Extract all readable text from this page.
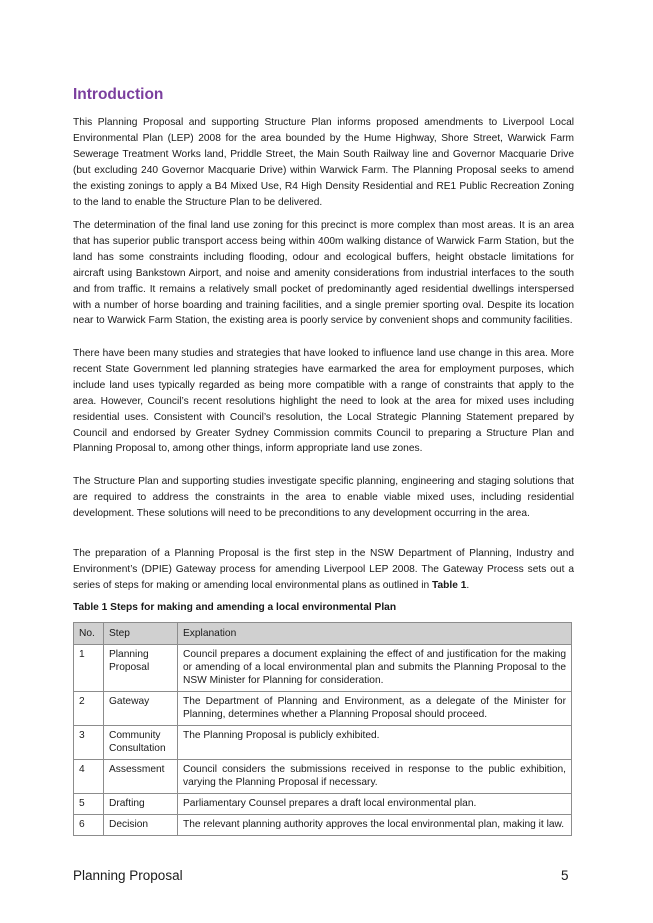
Introduction

This Planning Proposal and supporting Structure Plan informs proposed amendments to Liverpool Local Environmental Plan (LEP) 2008 for the area bounded by the Hume Highway, Shore Street, Warwick Farm Sewerage Treatment Works land, Priddle Street, the Main South Railway line and Governor Macquarie Drive (but excluding 240 Governor Macquarie Drive) within Warwick Farm. The Planning Proposal seeks to amend the existing zonings to apply a B4 Mixed Use, R4 High Density Residential and RE1 Public Recreation Zoning to the land to enable the Structure Plan to be delivered.

The determination of the final land use zoning for this precinct is more complex than most areas. It is an area that has superior public transport access being within 400m walking distance of Warwick Farm Station, but the land has some constraints including flooding, odour and ecological buffers, height obstacle limitations for aircraft using Bankstown Airport, and noise and amenity considerations from industrial interfaces to the south and from traffic. It remains a relatively small pocket of predominantly aged residential dwellings interspersed with a number of horse boarding and training facilities, and a single premier sporting oval. Despite its location near to Warwick Farm Station, the existing area is poorly service by convenient shops and community facilities.

There have been many studies and strategies that have looked to influence land use change in this area. More recent State Government led planning strategies have earmarked the area for employment purposes, which include land uses typically regarded as being more compatible with a range of constraints that apply to the area. However, Council’s recent resolutions highlight the need to look at the area for mixed uses including residential uses. Consistent with Council’s resolution, the Local Strategic Planning Statement prepared by Council and endorsed by Greater Sydney Commission commits Council to preparing a Structure Plan and Planning Proposal to, among other things, inform appropriate land use zones.

The Structure Plan and supporting studies investigate specific planning, engineering and staging solutions that are required to address the constraints in the area to enable viable mixed uses, including residential development. These solutions will need to be preconditions to any development occurring in the area.

The preparation of a Planning Proposal is the first step in the NSW Department of Planning, Industry and Environment’s (DPIE) Gateway process for amending Liverpool LEP 2008. The Gateway Process sets out a series of steps for making or amending local environmental plans as outlined in Table 1.

Table 1 Steps for making and amending a local environmental Plan
No.	Step	Explanation
1	Planning Proposal	Council prepares a document explaining the effect of and justification for the making or amending of a local environmental plan and submits the Planning Proposal to the NSW Minister for Planning for consideration.
2	Gateway	The Department of Planning and Environment, as a delegate of the Minister for Planning, determines whether a Planning Proposal should proceed.
3	Community Consultation	The Planning Proposal is publicly exhibited.
4	Assessment	Council considers the submissions received in response to the public exhibition, varying the Planning Proposal if necessary.
5	Drafting	Parliamentary Counsel prepares a draft local environmental plan.
6	Decision	The relevant planning authority approves the local environmental plan, making it law.
Planning Proposal	5
